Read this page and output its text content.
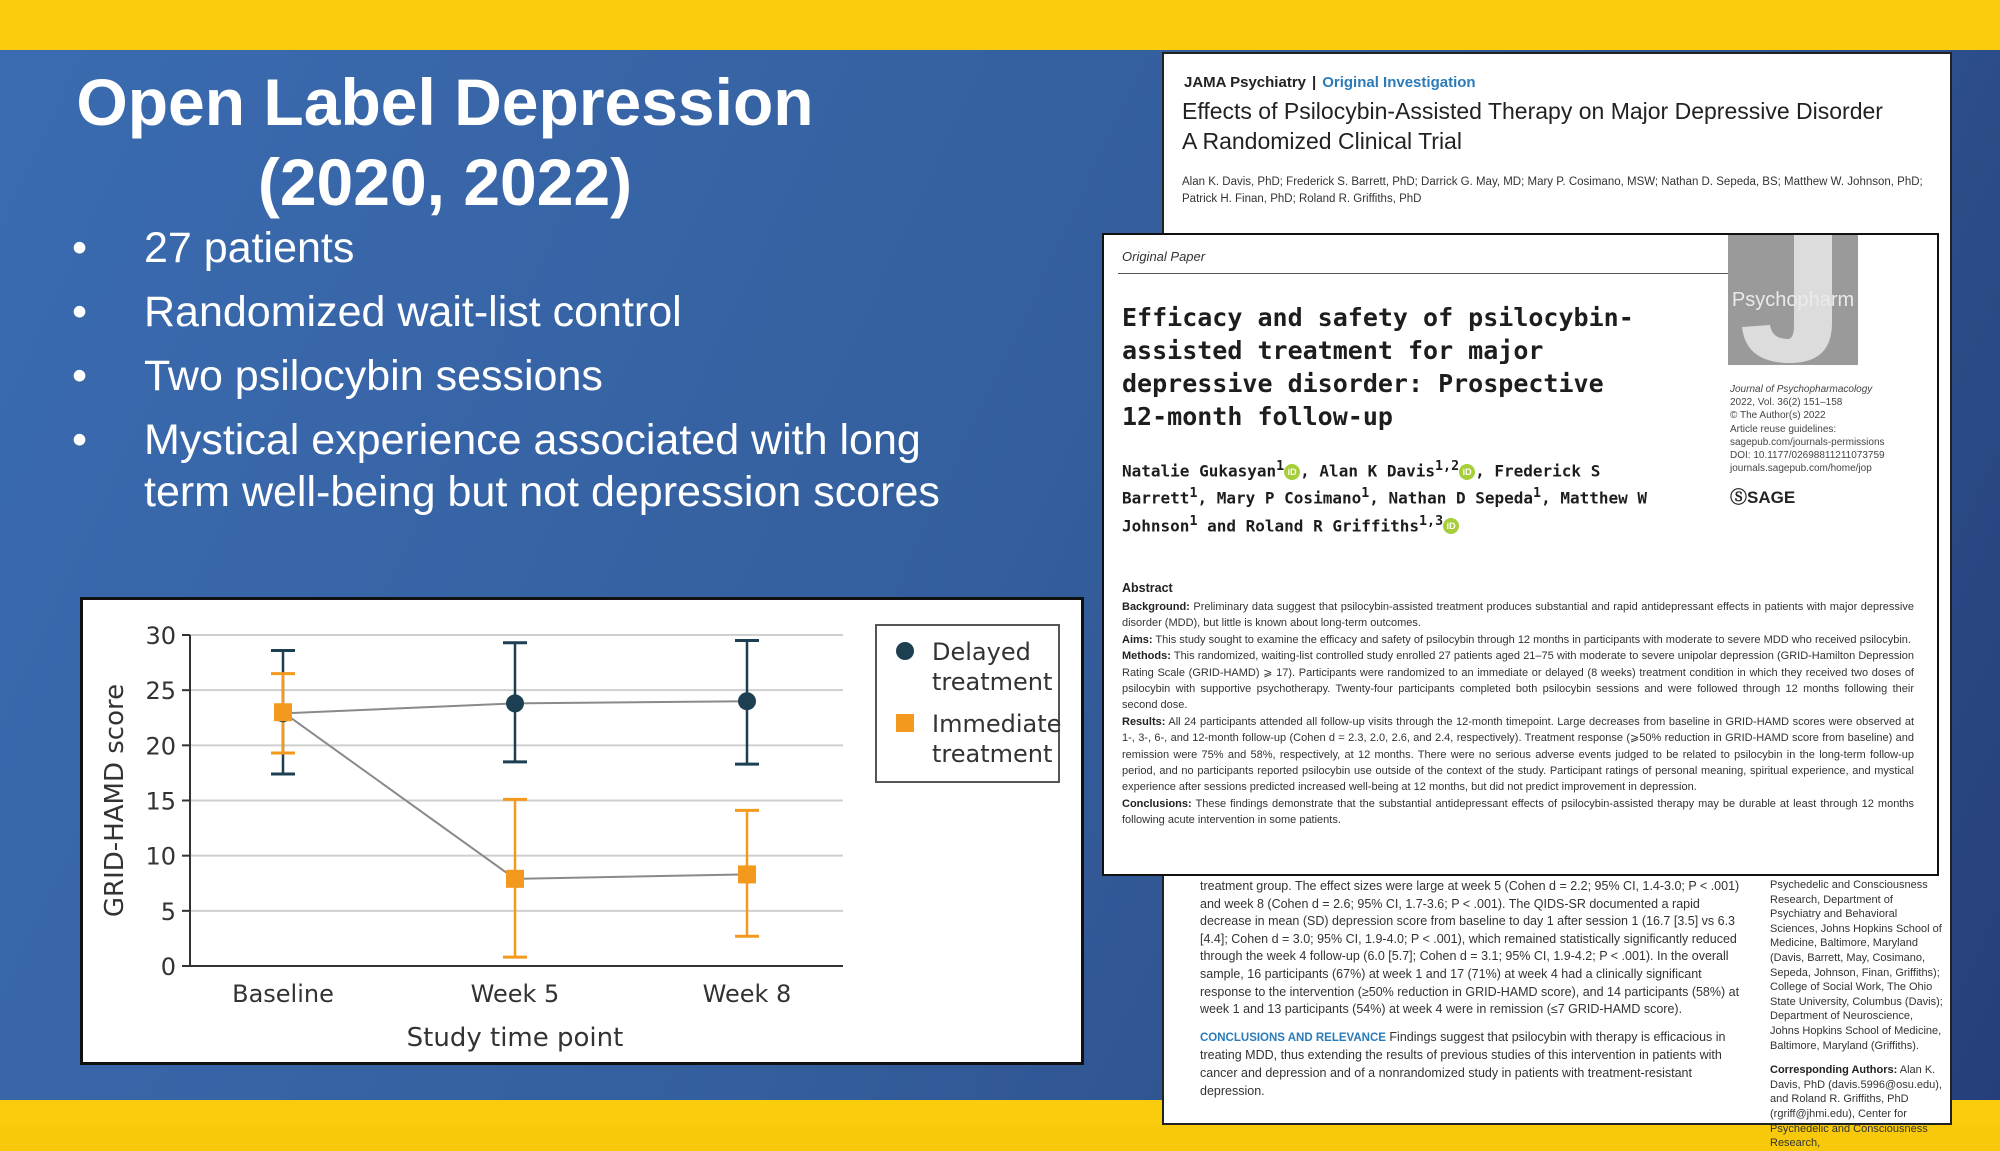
Open Label Depression
(2020, 2022)
• 27 patients
• Randomized wait-list control
• Two psilocybin sessions
• Mystical experience associated with long term well-being but not depression scores
JAMA Psychiatry | Original Investigation
Effects of Psilocybin-Assisted Therapy on Major Depressive Disorder
A Randomized Clinical Trial
Alan K. Davis, PhD; Frederick S. Barrett, PhD; Darrick G. May, MD; Mary P. Cosimano, MSW; Nathan D. Sepeda, BS; Matthew W. Johnson, PhD; Patrick H. Finan, PhD; Roland R. Griffiths, PhD
treatment group. The effect sizes were large at week 5 (Cohen d = 2.2; 95% CI, 1.4-3.0; P < .001) and week 8 (Cohen d = 2.6; 95% CI, 1.7-3.6; P < .001). The QIDS-SR documented a rapid decrease in mean (SD) depression score from baseline to day 1 after session 1 (16.7 [3.5] vs 6.3 [4.4]; Cohen d = 3.0; 95% CI, 1.9-4.0; P < .001), which remained statistically significantly reduced through the week 4 follow-up (6.0 [5.7]; Cohen d = 3.1; 95% CI, 1.9-4.2; P < .001). In the overall sample, 16 participants (67%) at week 1 and 17 (71%) at week 4 had a clinically significant response to the intervention (≥50% reduction in GRID-HAMD score), and 14 participants (58%) at week 1 and 13 participants (54%) at week 4 were in remission (≤7 GRID-HAMD score).
CONCLUSIONS AND RELEVANCE Findings suggest that psilocybin with therapy is efficacious in treating MDD, thus extending the results of previous studies of this intervention in patients with cancer and depression and of a nonrandomized study in patients with treatment-resistant depression.
Psychedelic and Consciousness Research, Department of Psychiatry and Behavioral Sciences, Johns Hopkins School of Medicine, Baltimore, Maryland (Davis, Barrett, May, Cosimano, Sepeda, Johnson, Finan, Griffiths); College of Social Work, The Ohio State University, Columbus (Davis); Department of Neuroscience, Johns Hopkins School of Medicine, Baltimore, Maryland (Griffiths).
Corresponding Authors: Alan K. Davis, PhD (davis.5996@osu.edu), and Roland R. Griffiths, PhD (rgriff@jhmi.edu), Center for Psychedelic and Consciousness Research,
Original Paper
Efficacy and safety of psilocybin-assisted treatment for major depressive disorder: Prospective 12-month follow-up
Psychopharm
Journal of Psychopharmacology
2022, Vol. 36(2) 151–158
© The Author(s) 2022
Article reuse guidelines:
sagepub.com/journals-permissions
DOI: 10.1177/02698811211073759
journals.sagepub.com/home/jop
ⓈSAGE
Natalie Gukasyan$^1$ iD , Alan K Davis$^{1,2}$ iD , Frederick S Barrett$^1$, Mary P Cosimano$^1$, Nathan D Sepeda$^1$, Matthew W Johnson$^1$ and Roland R Griffiths$^{1,3}$ iD
Abstract
Background: Preliminary data suggest that psilocybin-assisted treatment produces substantial and rapid antidepressant effects in patients with major depressive disorder (MDD), but little is known about long-term outcomes.
Aims: This study sought to examine the efficacy and safety of psilocybin through 12 months in participants with moderate to severe MDD who received psilocybin.
Methods: This randomized, waiting-list controlled study enrolled 27 patients aged 21–75 with moderate to severe unipolar depression (GRID-Hamilton Depression Rating Scale (GRID-HAMD) ⩾ 17). Participants were randomized to an immediate or delayed (8 weeks) treatment condition in which they received two doses of psilocybin with supportive psychotherapy. Twenty-four participants completed both psilocybin sessions and were followed through 12 months following their second dose.
Results: All 24 participants attended all follow-up visits through the 12-month timepoint. Large decreases from baseline in GRID-HAMD scores were observed at 1-, 3-, 6-, and 12-month follow-up (Cohen d = 2.3, 2.0, 2.6, and 2.4, respectively). Treatment response (⩾50% reduction in GRID-HAMD score from baseline) and remission were 75% and 58%, respectively, at 12 months. There were no serious adverse events judged to be related to psilocybin in the long-term follow-up period, and no participants reported psilocybin use outside of the context of the study. Participant ratings of personal meaning, spiritual experience, and mystical experience after sessions predicted increased well-being at 12 months, but did not predict improvement in depression.
Conclusions: These findings demonstrate that the substantial antidepressant effects of psilocybin-assisted therapy may be durable at least through 12 months following acute intervention in some patients.
0
5
10
15
20
25
30
Baseline	Week 5	Week 8
Study time point
GRID-HAMD score
Delayed
treatment
Immediate
treatment
